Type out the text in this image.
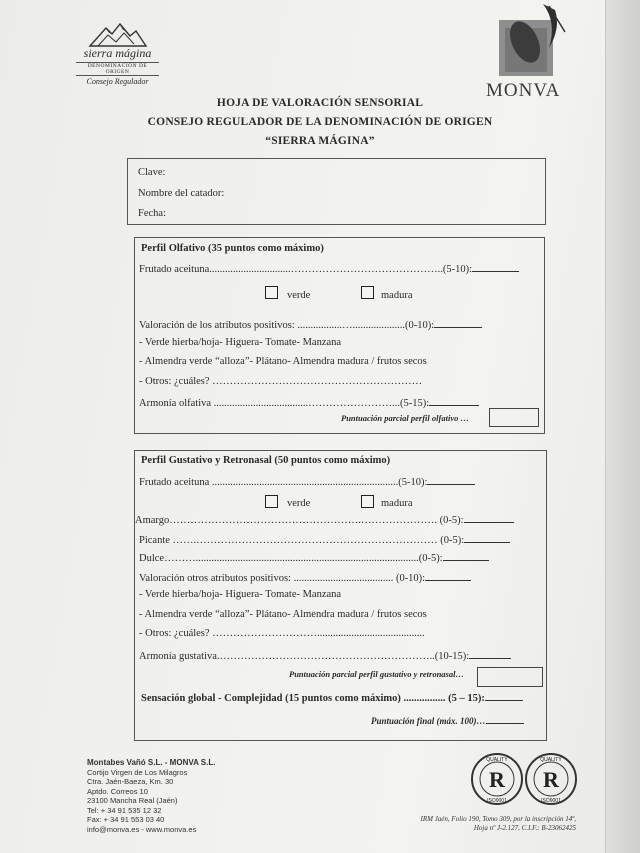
sierra mágina
DENOMINACIÓN DE ORIGEN
Consejo Regulador	MONVA
HOJA DE VALORACIÓN SENSORIAL
CONSEJO REGULADOR DE LA DENOMINACIÓN DE ORIGEN
“SIERRA MÁGINA”
Clave:
Nombre del catador:
Fecha:
Perfil Olfativo (35 puntos como máximo)
Frutado aceituna...............................……………………………………..(5-10):
verde	madura
Valoración de los atributos positivos: .................…....................(0-10):
- Verde hierba/hoja- Higuera- Tomate- Manzana
- Almendra verde “alloza”- Plátano- Almendra madura / frutos secos
- Otros: ¿cuáles? ……………………………………………………
Armonía olfativa ....................................……………………...(5-15):
Puntuación parcial perfil olfativo …
Perfil Gustativo y Retronasal (50 puntos como máximo)
Frutado aceituna .......................................................................(5-10):
verde	madura
Amargo……………………………………………….…………………. (0-5):
Picante …….…………………………………………………………… (0-5):
Dulce……….....................................................................................(0-5):
Valoración otros atributos positivos: ...................................... (0-10):
- Verde hierba/hoja- Higuera- Tomate- Manzana
- Almendra verde “alloza”- Plátano- Almendra madura / frutos secos
- Otros: ¿cuáles? ………………………….........................................
Armonía gustativa.……………………………………………………..(10-15):
Puntuación parcial perfil gustativo y retronasal…
Sensación global - Complejidad (15 puntos como máximo) ................ (5 – 15):
Puntuación final (máx. 100)…
Montabes Vañó S.L. - MONVA S.L.
Cortijo Virgen de Los Milagros
Ctra. Jaén-Baeza, Km. 30
Aptdo. Correos 10
23100 Mancha Real (Jaén)
Tel: + 34 91 535 12 32
Fax: + 34 91 553 03 40
info@monva.es - www.monva.es
R
QUALITY
ISO9001
R
QUALITY
ISO9001
IRM Jaén, Folio 190, Tomo 309, por la inscripción 14ª,
Hoja nº J-2.127, C.I.F.: B-23062425
